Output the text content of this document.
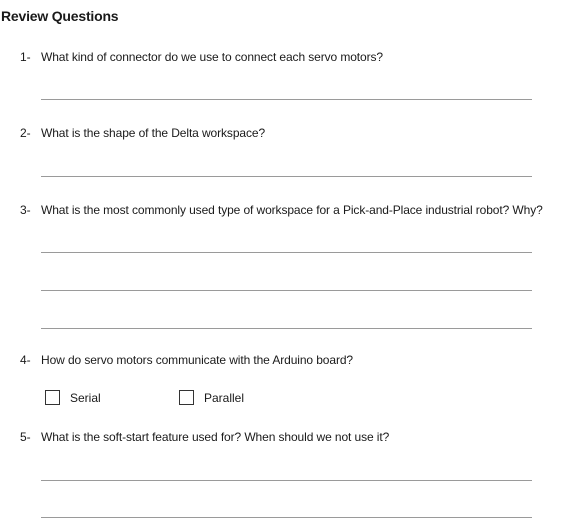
Review Questions
1- What kind of connector do we use to connect each servo motors?
2- What is the shape of the Delta workspace?
3- What is the most commonly used type of workspace for a Pick-and-Place industrial robot? Why?
4- How do servo motors communicate with the Arduino board?
Serial	Parallel
5- What is the soft-start feature used for? When should we not use it?
